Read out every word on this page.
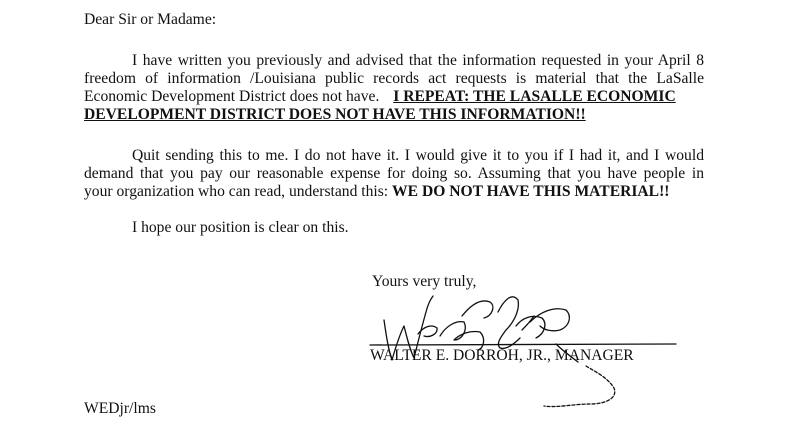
Dear Sir or Madame:
I have written you previously and advised that the information requested in your April 8
freedom of information /Louisiana public records act requests is material that the LaSalle
Economic Development District does not have. I REPEAT: THE LASALLE ECONOMIC
DEVELOPMENT DISTRICT DOES NOT HAVE THIS INFORMATION!!
Quit sending this to me. I do not have it. I would give it to you if I had it, and I would
demand that you pay our reasonable expense for doing so. Assuming that you have people in
your organization who can read, understand this: WE DO NOT HAVE THIS MATERIAL!!
I hope our position is clear on this.
Yours very truly,
WALTER E. DORROH, JR., MANAGER
WEDjr/lms
